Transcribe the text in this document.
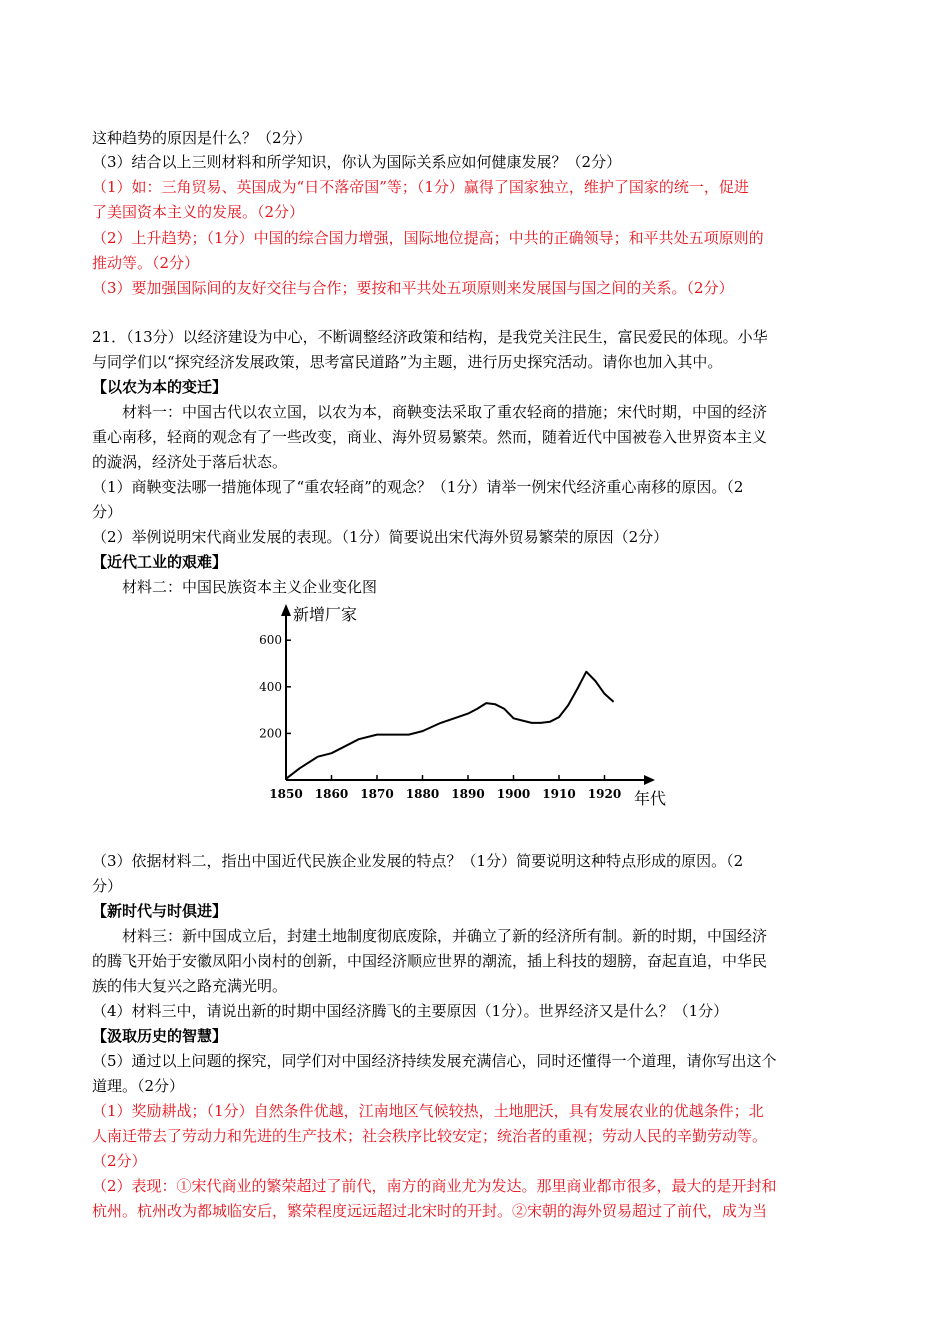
这种趋势的原因是什么？（2分）
（3）结合以上三则材料和所学知识，你认为国际关系应如何健康发展？（2分）
（1）如：三角贸易、英国成为“日不落帝国”等；（1分）赢得了国家独立，维护了国家的统一，促进
了美国资本主义的发展。（2分）
（2）上升趋势；（1分）中国的综合国力增强，国际地位提高；中共的正确领导；和平共处五项原则的
推动等。（2分）
（3）要加强国际间的友好交往与合作；要按和平共处五项原则来发展国与国之间的关系。（2分）
21．（13分）以经济建设为中心，不断调整经济政策和结构，是我党关注民生，富民爱民的体现。小华
与同学们以“探究经济发展政策，思考富民道路”为主题，进行历史探究活动。请你也加入其中。
【以农为本的变迁】
材料一：中国古代以农立国，以农为本，商鞅变法采取了重农轻商的措施；宋代时期，中国的经济
重心南移，轻商的观念有了一些改变，商业、海外贸易繁荣。然而，随着近代中国被卷入世界资本主义
的漩涡，经济处于落后状态。
（1）商鞅变法哪一措施体现了“重农轻商”的观念？（1分）请举一例宋代经济重心南移的原因。（2
分）
（2）举例说明宋代商业发展的表现。（1分）简要说出宋代海外贸易繁荣的原因（2分）
【近代工业的艰难】
材料二：中国民族资本主义企业变化图
1850 1860 1870 1880 1890 1900 1910 1920
200
400
600
新增厂家
年代
（3）依据材料二，指出中国近代民族企业发展的特点？（1分）简要说明这种特点形成的原因。（2
分）
【新时代与时俱进】
材料三：新中国成立后，封建土地制度彻底废除，并确立了新的经济所有制。新的时期，中国经济
的腾飞开始于安徽凤阳小岗村的创新，中国经济顺应世界的潮流，插上科技的翅膀，奋起直追，中华民
族的伟大复兴之路充满光明。
（4）材料三中，请说出新的时期中国经济腾飞的主要原因（1分）。世界经济又是什么？（1分）
【汲取历史的智慧】
（5）通过以上问题的探究，同学们对中国经济持续发展充满信心，同时还懂得一个道理，请你写出这个
道理。（2分）
（1）奖励耕战；（1分）自然条件优越，江南地区气候较热，土地肥沃，具有发展农业的优越条件；北
人南迁带去了劳动力和先进的生产技术；社会秩序比较安定；统治者的重视；劳动人民的辛勤劳动等。
（2分）
（2）表现：①宋代商业的繁荣超过了前代，南方的商业尤为发达。那里商业都市很多，最大的是开封和
杭州。杭州改为都城临安后，繁荣程度远远超过北宋时的开封。②宋朝的海外贸易超过了前代，成为当
